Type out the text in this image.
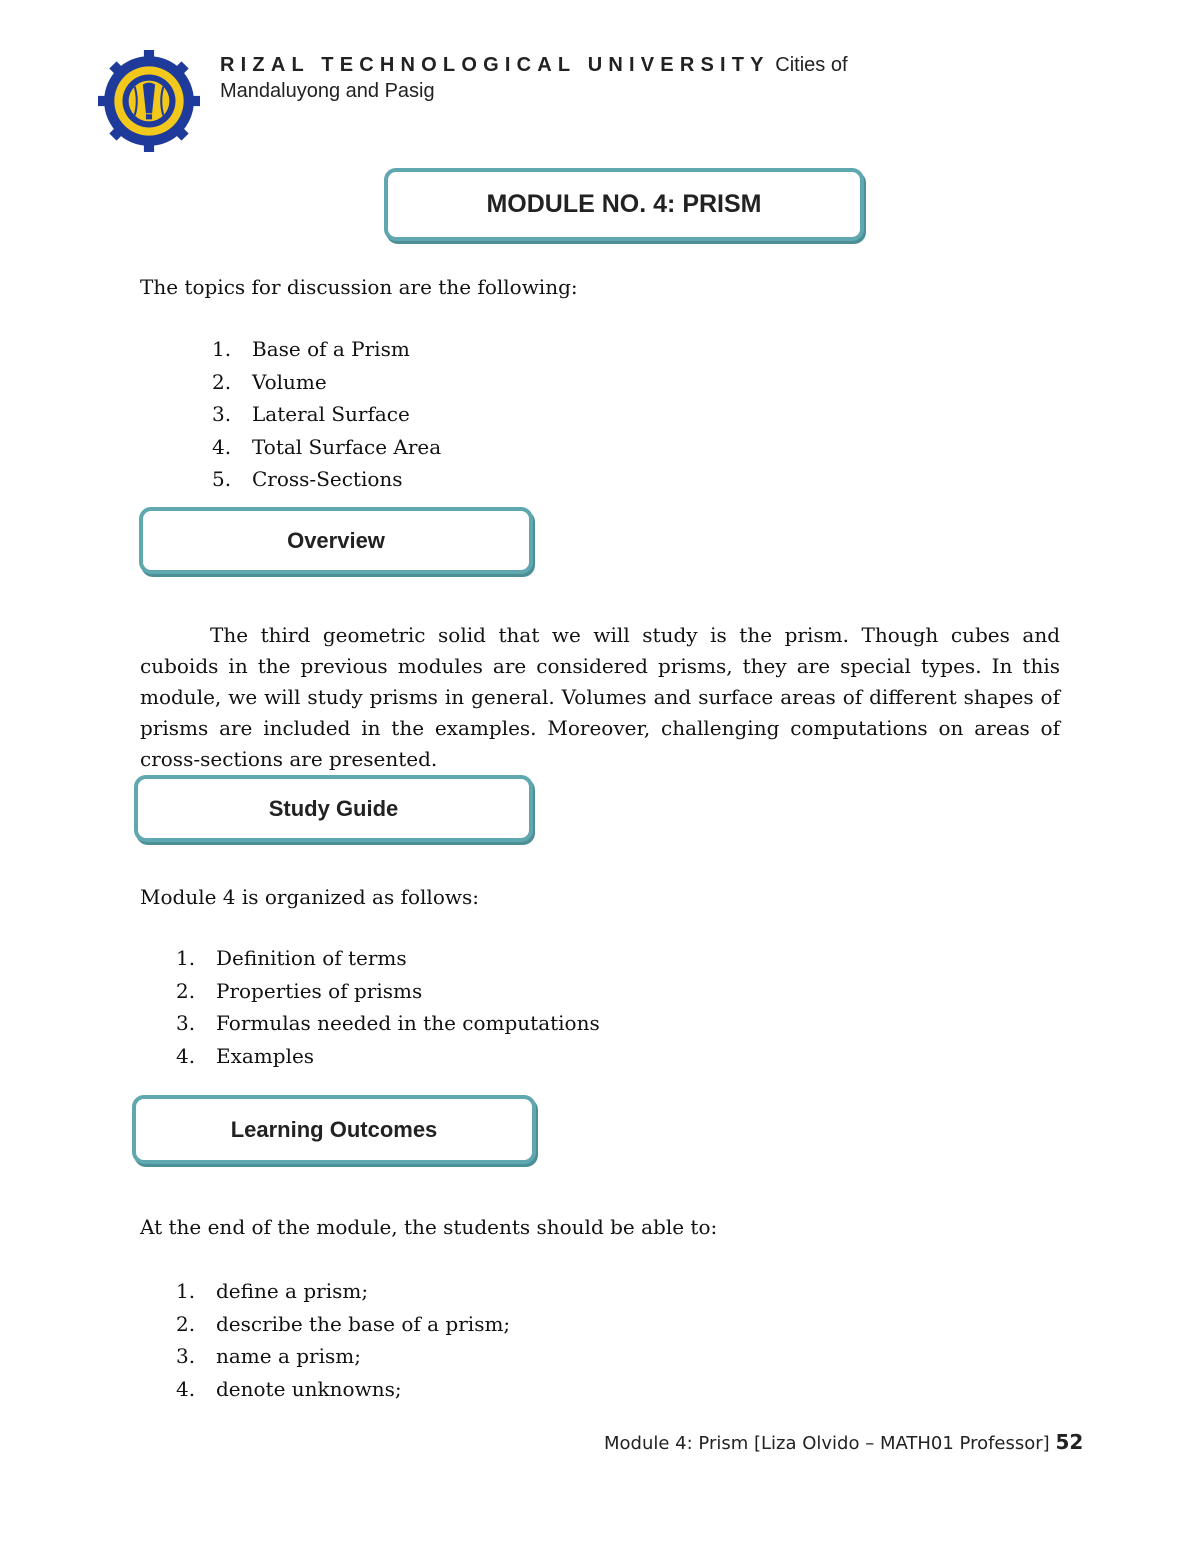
RIZAL TECHNOLOGICAL UNIVERSITY Cities of
Mandaluyong and Pasig
MODULE NO. 4: PRISM
The topics for discussion are the following:
1.	Base of a Prism
2.	Volume
3.	Lateral Surface
4.	Total Surface Area
5.	Cross-Sections
Overview

The third geometric solid that we will study is the prism. Though cubes and cuboids in the previous modules are considered prisms, they are special types. In this module, we will study prisms in general. Volumes and surface areas of different shapes of prisms are included in the examples. Moreover, challenging computations on areas of cross-sections are presented.

Study Guide
Module 4 is organized as follows:
1.	Definition of terms
2.	Properties of prisms
3.	Formulas needed in the computations
4.	Examples
Learning Outcomes
At the end of the module, the students should be able to:
1.	define a prism;
2.	describe the base of a prism;
3.	name a prism;
4.	denote unknowns;
Module 4: Prism [Liza Olvido – MATH01 Professor] 52
